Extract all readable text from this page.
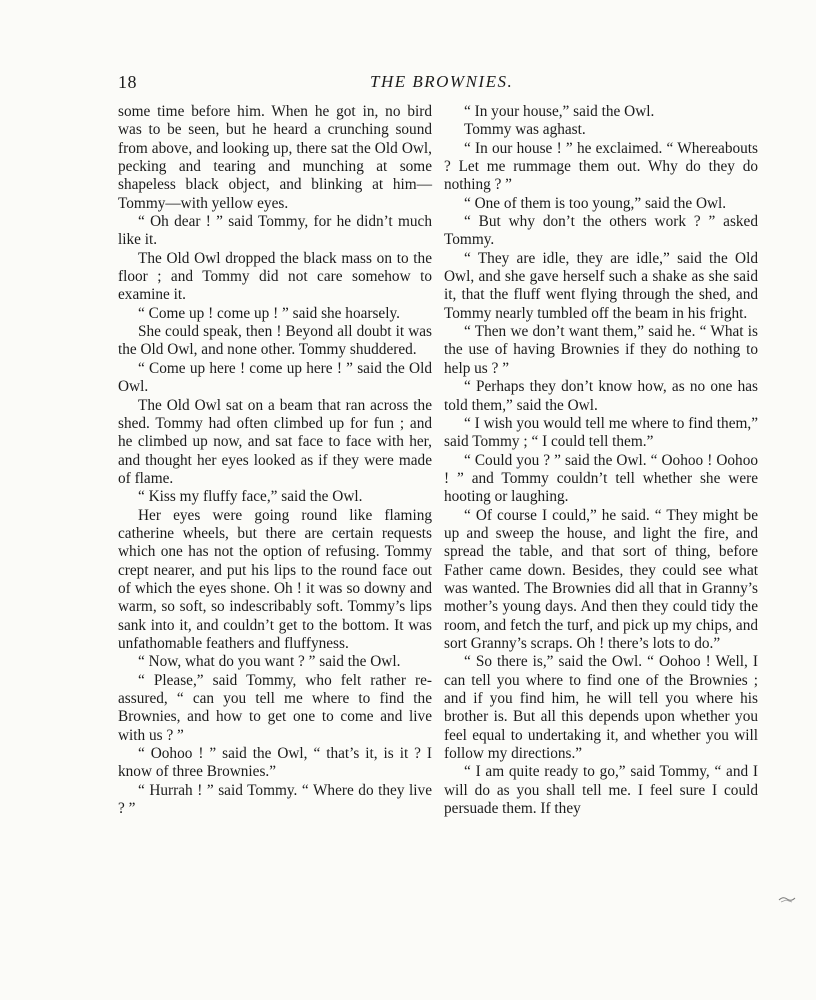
18	THE BROWNIES.

some time before him. When he got in, no bird was to be seen, but he heard a crunching sound from above, and looking up, there sat the Old Owl, pecking and tearing and munching at some shapeless black object, and blinking at him—Tommy—with yellow eyes.

“ Oh dear ! ” said Tommy, for he didn’t much like it.

The Old Owl dropped the black mass on to the floor ; and Tommy did not care somehow to examine it.

“ Come up ! come up ! ” said she hoarsely.

She could speak, then ! Beyond all doubt it was the Old Owl, and none other. Tommy shuddered.

“ Come up here ! come up here ! ” said the Old Owl.

The Old Owl sat on a beam that ran across the shed. Tommy had often climbed up for fun ; and he climbed up now, and sat face to face with her, and thought her eyes looked as if they were made of flame.

“ Kiss my fluffy face,” said the Owl.

Her eyes were going round like flaming catherine wheels, but there are certain requests which one has not the option of refusing. Tommy crept nearer, and put his lips to the round face out of which the eyes shone. Oh ! it was so downy and warm, so soft, so indescribably soft. Tommy’s lips sank into it, and couldn’t get to the bottom. It was unfathomable feathers and fluffyness.

“ Now, what do you want ? ” said the Owl.

“ Please,” said Tommy, who felt rather re-assured, “ can you tell me where to find the Brownies, and how to get one to come and live with us ? ”

“ Oohoo ! ” said the Owl, “ that’s it, is it ? I know of three Brownies.”

“ Hurrah ! ” said Tommy. “ Where do they live ? ”

“ In your house,” said the Owl.

Tommy was aghast.

“ In our house ! ” he exclaimed. “ Whereabouts ? Let me rummage them out. Why do they do nothing ? ”

“ One of them is too young,” said the Owl.

“ But why don’t the others work ? ” asked Tommy.

“ They are idle, they are idle,” said the Old Owl, and she gave herself such a shake as she said it, that the fluff went flying through the shed, and Tommy nearly tumbled off the beam in his fright.

“ Then we don’t want them,” said he. “ What is the use of having Brownies if they do nothing to help us ? ”

“ Perhaps they don’t know how, as no one has told them,” said the Owl.

“ I wish you would tell me where to find them,” said Tommy ; “ I could tell them.”

“ Could you ? ” said the Owl. “ Oohoo ! Oohoo ! ” and Tommy couldn’t tell whether she were hooting or laughing.

“ Of course I could,” he said. “ They might be up and sweep the house, and light the fire, and spread the table, and that sort of thing, before Father came down. Besides, they could see what was wanted. The Brownies did all that in Granny’s mother’s young days. And then they could tidy the room, and fetch the turf, and pick up my chips, and sort Granny’s scraps. Oh ! there’s lots to do.”

“ So there is,” said the Owl. “ Oohoo ! Well, I can tell you where to find one of the Brownies ; and if you find him, he will tell you where his brother is. But all this depends upon whether you feel equal to undertaking it, and whether you will follow my directions.”

“ I am quite ready to go,” said Tommy, “ and I will do as you shall tell me. I feel sure I could persuade them. If they
